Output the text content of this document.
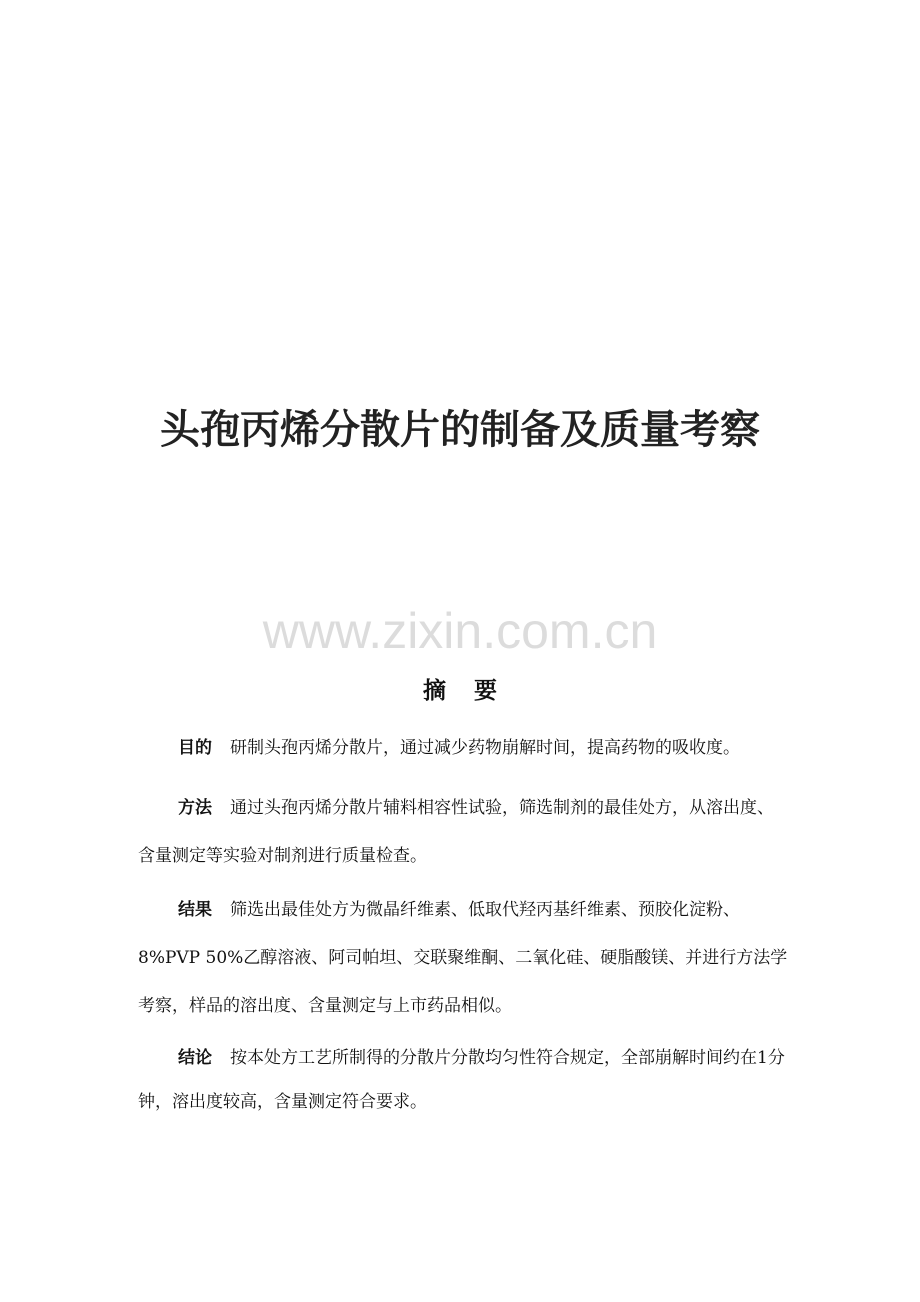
头孢丙烯分散片的制备及质量考察
www.zixin.com.cn
摘要

目的 研制头孢丙烯分散片，通过减少药物崩解时间，提高药物的吸收度。

方法 通过头孢丙烯分散片辅料相容性试验，筛选制剂的最佳处方，从溶出度、含量测定等实验对制剂进行质量检查。

结果 筛选出最佳处方为微晶纤维素、低取代羟丙基纤维素、预胶化淀粉、8%PVP 50%乙醇溶液、阿司帕坦、交联聚维酮、二氧化硅、硬脂酸镁、并进行方法学考察，样品的溶出度、含量测定与上市药品相似。

结论 按本处方工艺所制得的分散片分散均匀性符合规定，全部崩解时间约在1分钟，溶出度较高，含量测定符合要求。
